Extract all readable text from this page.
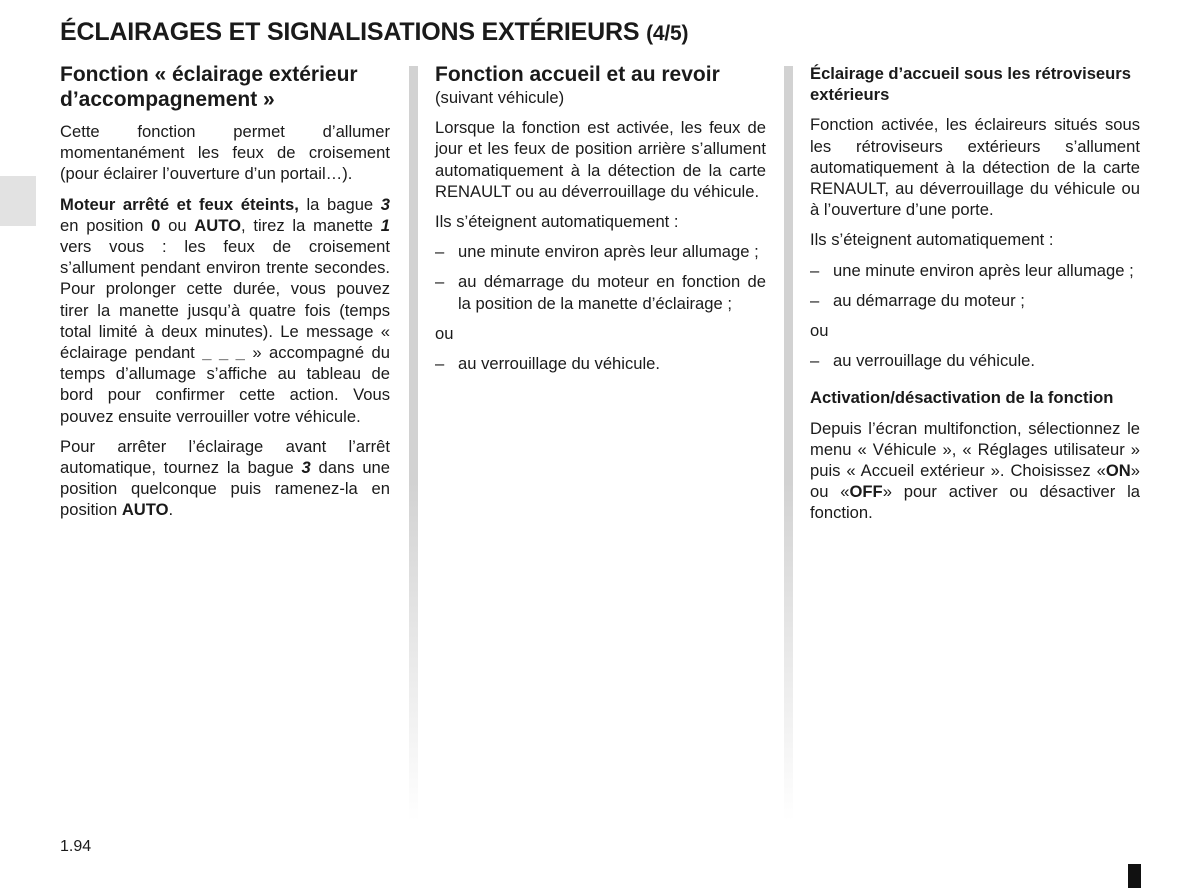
ÉCLAIRAGES ET SIGNALISATIONS EXTÉRIEURS (4/5)
Fonction « éclairage extérieur d’accompagnement »

Cette fonction permet d’allumer momentanément les feux de croisement (pour éclairer l’ouverture d’un portail…).

Moteur arrêté et feux éteints, la bague 3 en position 0 ou AUTO, tirez la manette 1 vers vous : les feux de croisement s’allument pendant environ trente secondes. Pour prolonger cette durée, vous pouvez tirer la manette jusqu’à quatre fois (temps total limité à deux minutes). Le message « éclairage pendant _ _ _ » accompagné du temps d’allumage s’affiche au tableau de bord pour confirmer cette action. Vous pouvez ensuite verrouiller votre véhicule.

Pour arrêter l’éclairage avant l’arrêt automatique, tournez la bague 3 dans une position quelconque puis ramenez-la en position AUTO.

Fonction accueil et au revoir

(suivant véhicule)

Lorsque la fonction est activée, les feux de jour et les feux de position arrière s’allument automatiquement à la détection de la carte RENAULT ou au déverrouillage du véhicule.

Ils s’éteignent automatiquement :

– une minute environ après leur allumage ;
– au démarrage du moteur en fonction de la position de la manette d’éclairage ;

ou

– au verrouillage du véhicule.
Éclairage d’accueil sous les rétroviseurs extérieurs

Fonction activée, les éclaireurs situés sous les rétroviseurs extérieurs s’allument automatiquement à la détection de la carte RENAULT, au déverrouillage du véhicule ou à l’ouverture d’une porte.

Ils s’éteignent automatiquement :

– une minute environ après leur allumage ;
– au démarrage du moteur ;

ou

– au verrouillage du véhicule.
Activation/désactivation de la fonction

Depuis l’écran multifonction, sélectionnez le menu « Véhicule », « Réglages utilisateur » puis « Accueil extérieur ». Choisissez «ON» ou «OFF» pour activer ou désactiver la fonction.

1.94
